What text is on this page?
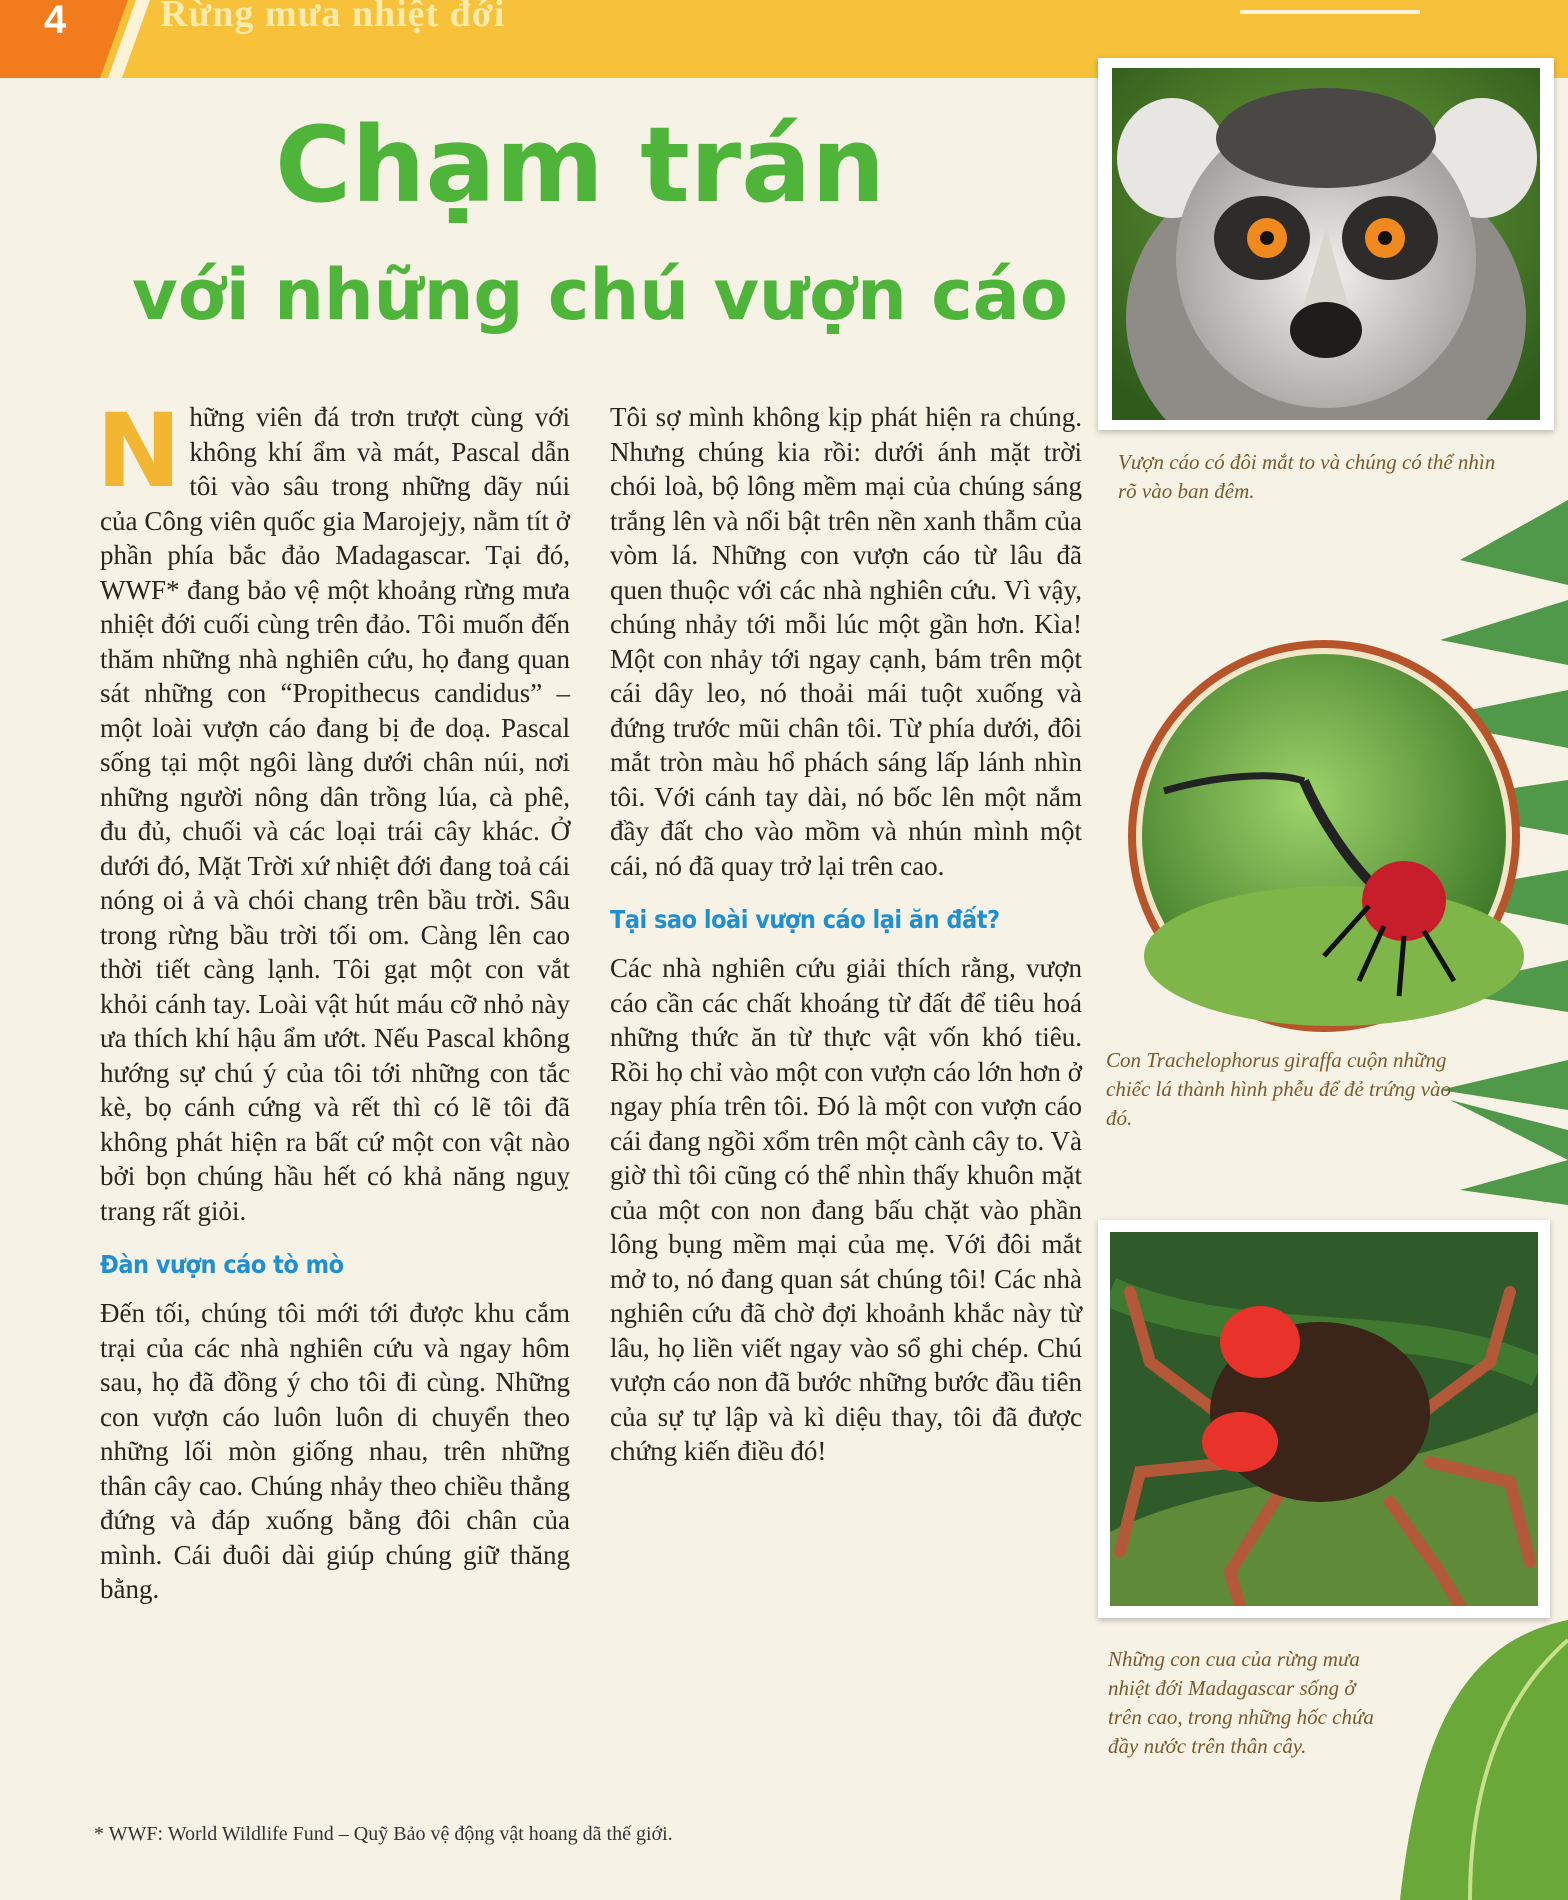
4 Rừng mưa nhiệt đới
Chạm trán
với những chú vượn cáo

Những viên đá trơn trượt cùng với không khí ẩm và mát, Pascal dẫn tôi vào sâu trong những dãy núi của Công viên quốc gia Marojejy, nằm tít ở phần phía bắc đảo Madagascar. Tại đó, WWF* đang bảo vệ một khoảng rừng mưa nhiệt đới cuối cùng trên đảo. Tôi muốn đến thăm những nhà nghiên cứu, họ đang quan sát những con “Propithecus candidus” – một loài vượn cáo đang bị đe doạ. Pascal sống tại một ngôi làng dưới chân núi, nơi những người nông dân trồng lúa, cà phê, đu đủ, chuối và các loại trái cây khác. Ở dưới đó, Mặt Trời xứ nhiệt đới đang toả cái nóng oi ả và chói chang trên bầu trời. Sâu trong rừng bầu trời tối om. Càng lên cao thời tiết càng lạnh. Tôi gạt một con vắt khỏi cánh tay. Loài vật hút máu cỡ nhỏ này ưa thích khí hậu ẩm ướt. Nếu Pascal không hướng sự chú ý của tôi tới những con tắc kè, bọ cánh cứng và rết thì có lẽ tôi đã không phát hiện ra bất cứ một con vật nào bởi bọn chúng hầu hết có khả năng nguỵ trang rất giỏi.

Đàn vượn cáo tò mò

Đến tối, chúng tôi mới tới được khu cắm trại của các nhà nghiên cứu và ngay hôm sau, họ đã đồng ý cho tôi đi cùng. Những con vượn cáo luôn luôn di chuyển theo những lối mòn giống nhau, trên những thân cây cao. Chúng nhảy theo chiều thẳng đứng và đáp xuống bằng đôi chân của mình. Cái đuôi dài giúp chúng giữ thăng bằng.

Tôi sợ mình không kịp phát hiện ra chúng. Nhưng chúng kia rồi: dưới ánh mặt trời chói loà, bộ lông mềm mại của chúng sáng trắng lên và nổi bật trên nền xanh thẫm của vòm lá. Những con vượn cáo từ lâu đã quen thuộc với các nhà nghiên cứu. Vì vậy, chúng nhảy tới mỗi lúc một gần hơn. Kìa! Một con nhảy tới ngay cạnh, bám trên một cái dây leo, nó thoải mái tuột xuống và đứng trước mũi chân tôi. Từ phía dưới, đôi mắt tròn màu hổ phách sáng lấp lánh nhìn tôi. Với cánh tay dài, nó bốc lên một nắm đầy đất cho vào mồm và nhún mình một cái, nó đã quay trở lại trên cao.

Tại sao loài vượn cáo lại ăn đất?

Các nhà nghiên cứu giải thích rằng, vượn cáo cần các chất khoáng từ đất để tiêu hoá những thức ăn từ thực vật vốn khó tiêu. Rồi họ chỉ vào một con vượn cáo lớn hơn ở ngay phía trên tôi. Đó là một con vượn cáo cái đang ngồi xổm trên một cành cây to. Và giờ thì tôi cũng có thể nhìn thấy khuôn mặt của một con non đang bấu chặt vào phần lông bụng mềm mại của mẹ. Với đôi mắt mở to, nó đang quan sát chúng tôi! Các nhà nghiên cứu đã chờ đợi khoảnh khắc này từ lâu, họ liền viết ngay vào sổ ghi chép. Chú vượn cáo non đã bước những bước đầu tiên của sự tự lập và kì diệu thay, tôi đã được chứng kiến điều đó!

Vượn cáo có đôi mắt to và chúng có thể nhìn rõ vào ban đêm.
Con Trachelophorus giraffa cuộn những chiếc lá thành hình phễu để đẻ trứng vào đó.
Những con cua của rừng mưa nhiệt đới Madagascar sống ở trên cao, trong những hốc chứa đầy nước trên thân cây.
* WWF: World Wildlife Fund – Quỹ Bảo vệ động vật hoang dã thế giới.
